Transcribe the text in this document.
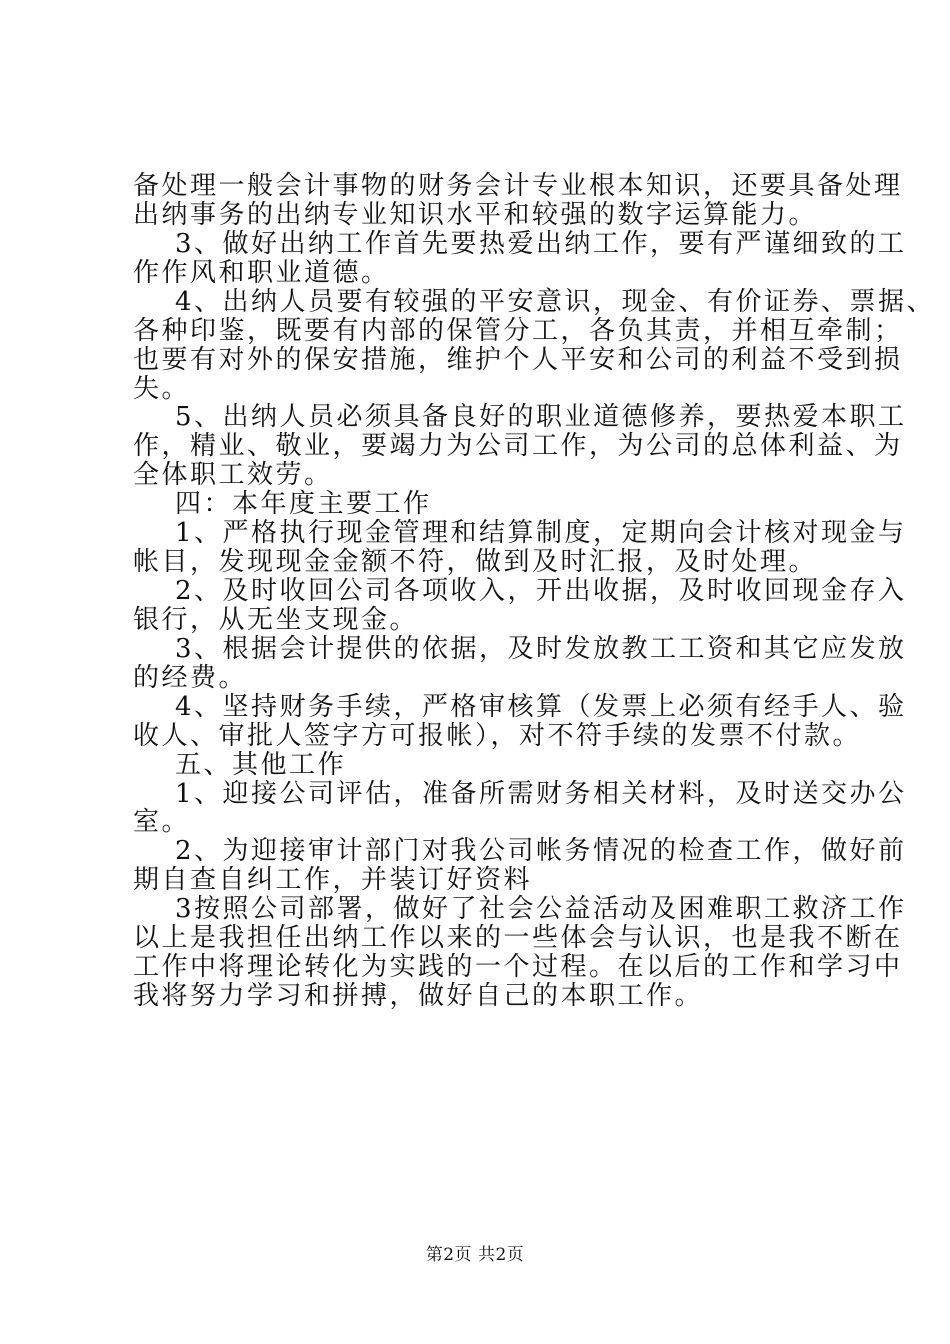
备处理一般会计事物的财务会计专业根本知识，还要具备处理
出纳事务的出纳专业知识水平和较强的数字运算能力。
3、做好出纳工作首先要热爱出纳工作，要有严谨细致的工
作作风和职业道德。
4、出纳人员要有较强的平安意识，现金、有价证券、票据、
各种印鉴，既要有内部的保管分工，各负其责，并相互牵制；
也要有对外的保安措施，维护个人平安和公司的利益不受到损
失。
5、出纳人员必须具备良好的职业道德修养，要热爱本职工
作，精业、敬业，要竭力为公司工作，为公司的总体利益、为
全体职工效劳。
四：本年度主要工作
1、严格执行现金管理和结算制度，定期向会计核对现金与
帐目，发现现金金额不符，做到及时汇报，及时处理。
2、及时收回公司各项收入，开出收据，及时收回现金存入
银行，从无坐支现金。
3、根据会计提供的依据，及时发放教工工资和其它应发放
的经费。
4、坚持财务手续，严格审核算（发票上必须有经手人、验
收人、审批人签字方可报帐），对不符手续的发票不付款。
五、其他工作
1、迎接公司评估，准备所需财务相关材料，及时送交办公
室。
2、为迎接审计部门对我公司帐务情况的检查工作，做好前
期自查自纠工作，并装订好资料
3按照公司部署，做好了社会公益活动及困难职工救济工作
以上是我担任出纳工作以来的一些体会与认识，也是我不断在
工作中将理论转化为实践的一个过程。在以后的工作和学习中
我将努力学习和拼搏，做好自己的本职工作。
第2页 共2页
